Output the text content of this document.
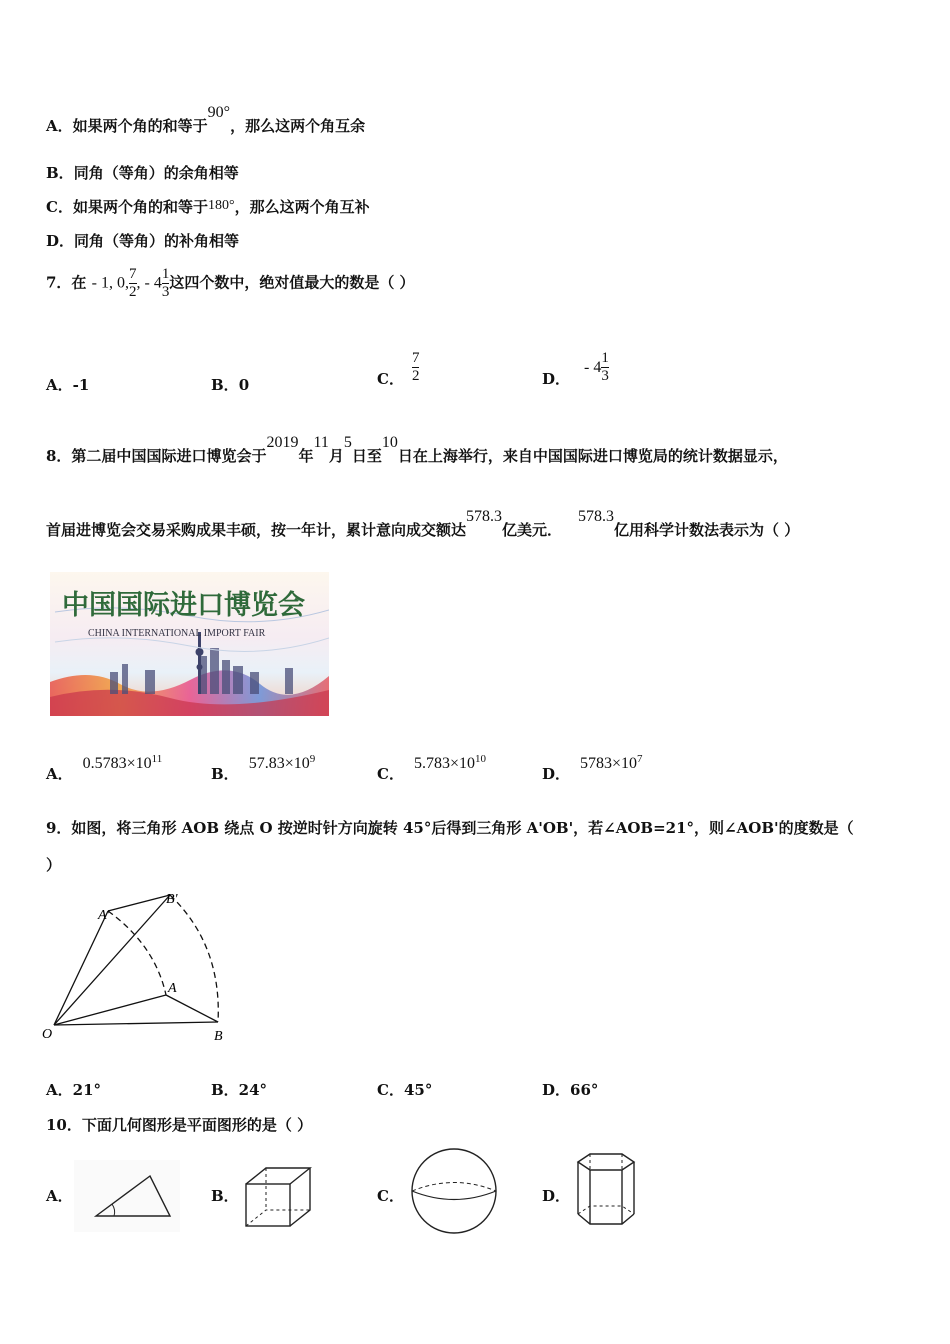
A．如果两个角的和等于90°，那么这两个角互余
B．同角（等角）的余角相等
C．如果两个角的和等于180°，那么这两个角互补
D．同角（等角）的补角相等
7．在 - 1, 0, $\frac{7}{2}$ , - $4 \frac{1}{3}$ 这四个数中，绝对值最大的数是（ ）
A．-1	B．0	C． $\frac{7}{2}$	D．- $4 \frac{1}{3}$
8．第二届中国国际进口博览会于2019年11月5日至10日在上海举行，来自中国国际进口博览局的统计数据显示，
首届进博览会交易采购成果丰硕，按一年计，累计意向成交额达578.3亿美元．578.3亿用科学计数法表示为（ ）
中国国际进口博览会
CHINA INTERNATIONAL IMPORT FAIR
A．$0.5783\times 10^{11}$
B．$57.83\times 10^9$
C．$5.783\times 10^{10}$
D．$5783\times 10^7$
9．如图，将三角形 AOB 绕点 O 按逆时针方向旋转 45°后得到三角形 A'OB'，若∠AOB=21°，则∠AOB'的度数是（
）
O
A
B
A'
B'
A．21°	B．24°	C．45°	D．66°
10．下面几何图形是平面图形的是（ ）
A．	B．	C．	D．
